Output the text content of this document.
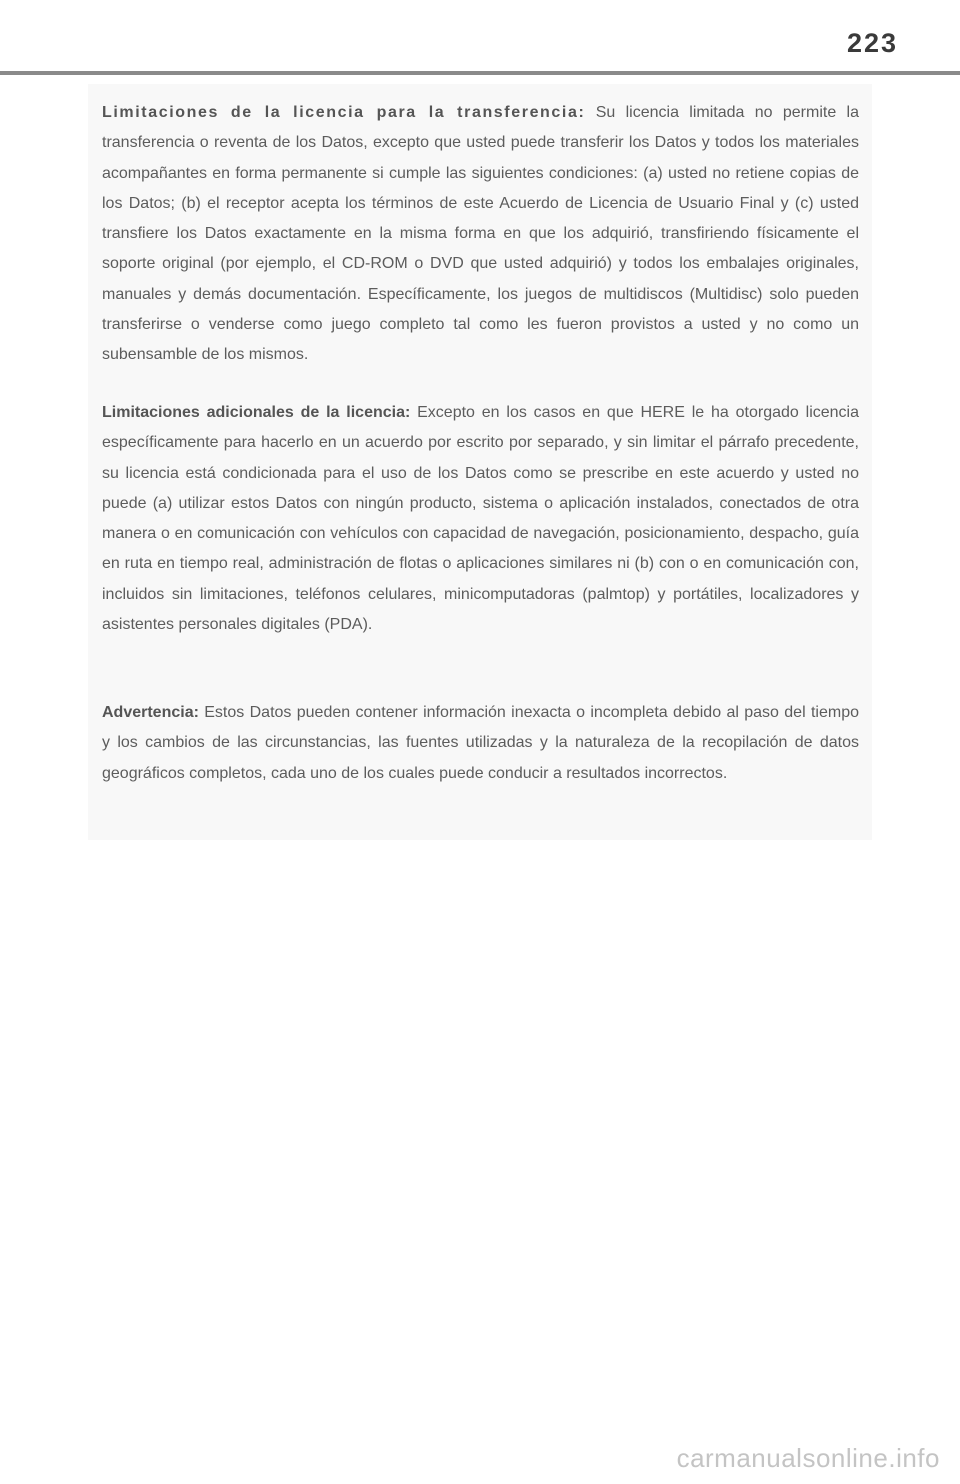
223

Limitaciones de la licencia para la transferencia: Su licencia limitada no permite la transferencia o reventa de los Datos, excepto que usted puede transferir los Datos y todos los materiales acompañantes en forma permanente si cumple las siguientes condiciones: (a) usted no retiene copias de los Datos; (b) el receptor acepta los términos de este Acuerdo de Licencia de Usuario Final y (c) usted transfiere los Datos exactamente en la misma forma en que los adquirió, transfiriendo físicamente el soporte original (por ejemplo, el CD-ROM o DVD que usted adquirió) y todos los embalajes originales, manuales y demás documentación. Específicamente, los juegos de multidiscos (Multidisc) solo pueden transferirse o venderse como juego completo tal como les fueron provistos a usted y no como un subensamble de los mismos.

Limitaciones adicionales de la licencia: Excepto en los casos en que HERE le ha otorgado licencia específicamente para hacerlo en un acuerdo por escrito por separado, y sin limitar el párrafo precedente, su licencia está condicionada para el uso de los Datos como se prescribe en este acuerdo y usted no puede (a) utilizar estos Datos con ningún producto, sistema o aplicación instalados, conectados de otra manera o en comunicación con vehículos con capacidad de navegación, posicionamiento, despacho, guía en ruta en tiempo real, administración de flotas o aplicaciones similares ni (b) con o en comunicación con, incluidos sin limitaciones, teléfonos celulares, minicomputadoras (palmtop) y portátiles, localizadores y asistentes personales digitales (PDA).

Advertencia: Estos Datos pueden contener información inexacta o incompleta debido al paso del tiempo y los cambios de las circunstancias, las fuentes utilizadas y la naturaleza de la recopilación de datos geográficos completos, cada uno de los cuales puede conducir a resultados incorrectos.

carmanualsonline.info
